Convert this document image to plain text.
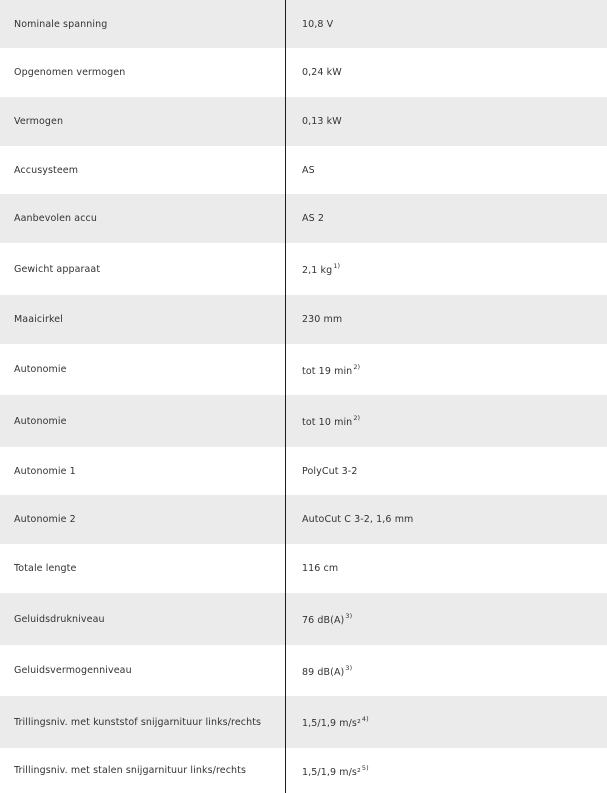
Nominale spanning	10,8 V
Opgenomen vermogen	0,24 kW
Vermogen	0,13 kW
Accusysteem	AS
Aanbevolen accu	AS 2
Gewicht apparaat	2,1 $kg^{1)}$
Maaicirkel	230 mm
Autonomie	tot 19 $\min^{2)}$
Autonomie	tot 10 $\min^{2)}$
Autonomie 1	PolyCut 3-2
Autonomie 2	AutoCut C 3-2, 1,6 mm
Totale lengte	116 cm
Geluidsdrukniveau	76 $dB(A)^{3)}$
Geluidsvermogenniveau	89 $dB(A)^{3)}$
Trillingsniv. met kunststof snijgarnituur links/rechts	1,5/1,9 m/s²$^{4)}$
Trillingsniv. met stalen snijgarnituur links/rechts	1,5/1,9 m/s²$^{5)}$
